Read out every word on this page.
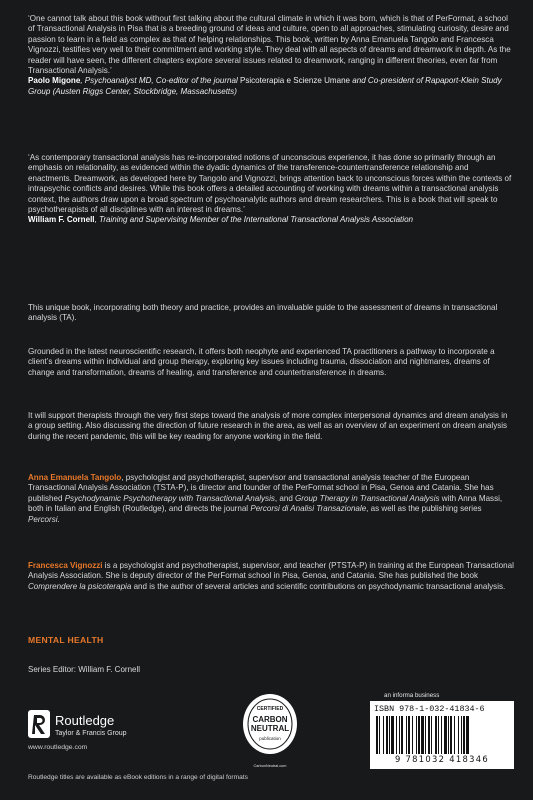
‘One cannot talk about this book without first talking about the cultural climate in which it was born, which is that of PerFormat, a school of Transactional Analysis in Pisa that is a breeding ground of ideas and culture, open to all approaches, stimulating curiosity, desire and passion to learn in a field as complex as that of helping relationships. This book, written by Anna Emanuela Tangolo and Francesca Vignozzi, testifies very well to their commitment and working style. They deal with all aspects of dreams and dreamwork in depth. As the reader will have seen, the different chapters explore several issues related to dreamwork, ranging in different theories, even far from Transactional Analysis.’

Paolo Migone, Psychoanalyst MD, Co-editor of the journal Psicoterapia e Scienze Umane and Co-president of Rapaport-Klein Study Group (Austen Riggs Center, Stockbridge, Massachusetts)

‘As contemporary transactional analysis has re-incorporated notions of unconscious experience, it has done so primarily through an emphasis on relationality, as evidenced within the dyadic dynamics of the transference-countertransference relationship and enactments. Dreamwork, as developed here by Tangolo and Vignozzi, brings attention back to unconscious forces within the contexts of intrapsychic conflicts and desires. While this book offers a detailed accounting of working with dreams within a transactional analysis context, the authors draw upon a broad spectrum of psychoanalytic authors and dream researchers. This is a book that will speak to psychotherapists of all disciplines with an interest in dreams.’

William F. Cornell, Training and Supervising Member of the International Transactional Analysis Association

This unique book, incorporating both theory and practice, provides an invaluable guide to the assessment of dreams in transactional analysis (TA).

Grounded in the latest neuroscientific research, it offers both neophyte and experienced TA practitioners a pathway to incorporate a client’s dreams within individual and group therapy, exploring key issues including trauma, dissociation and nightmares, dreams of change and transformation, dreams of healing, and transference and countertransference in dreams.

It will support therapists through the very first steps toward the analysis of more complex interpersonal dynamics and dream analysis in a group setting. Also discussing the direction of future research in the area, as well as an overview of an experiment on dream analysis during the recent pandemic, this will be key reading for anyone working in the field.

Anna Emanuela Tangolo, psychologist and psychotherapist, supervisor and transactional analysis teacher of the European Transactional Analysis Association (TSTA-P), is director and founder of the PerFormat school in Pisa, Genoa and Catania. She has published Psychodynamic Psychotherapy with Transactional Analysis, and Group Therapy in Transactional Analysis with Anna Massi, both in Italian and English (Routledge), and directs the journal Percorsi di Analisi Transazionale, as well as the publishing series Percorsi.

Francesca Vignozzi is a psychologist and psychotherapist, supervisor, and teacher (PTSTA-P) in training at the European Transactional Analysis Association. She is deputy director of the PerFormat school in Pisa, Genoa, and Catania. She has published the book Comprendere la psicoterapia and is the author of several articles and scientific contributions on psychodynamic transactional analysis.

MENTAL HEALTH
Series Editor: William F. Cornell
Routledge
Taylor & Francis Group
www.routledge.com
CERTIFIED
CARBON
NEUTRAL
publication
CarbonNeutral.com
an informa business
ISBN 978-1-032-41834-6
9 781032 418346
Routledge titles are available as eBook editions in a range of digital formats
